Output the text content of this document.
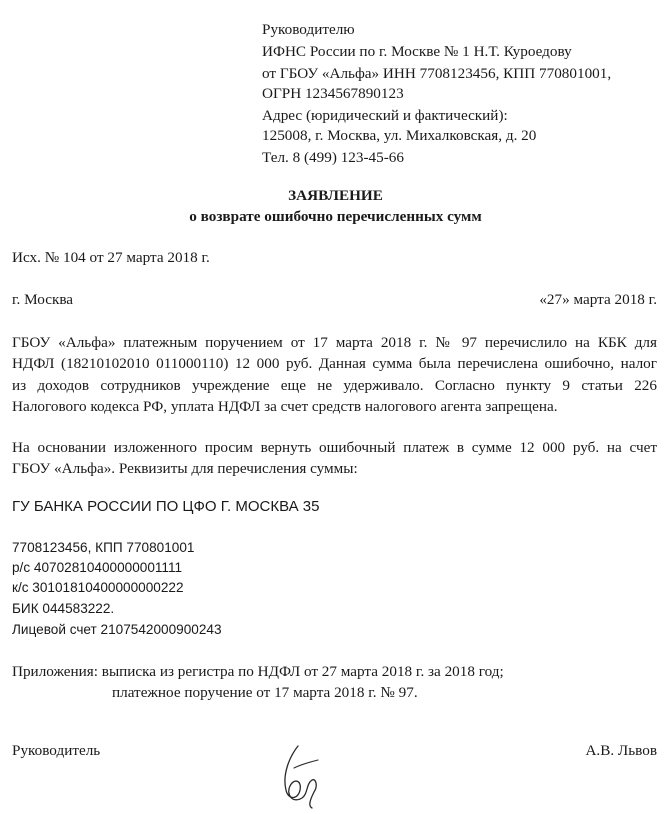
Руководителю
ИФНС России по г. Москве № 1 Н.Т. Куроедову
от ГБОУ «Альфа» ИНН 7708123456, КПП 770801001,
ОГРН 1234567890123
Адрес (юридический и фактический):
125008, г. Москва, ул. Михалковская, д. 20
Тел. 8 (499) 123-45-66
ЗАЯВЛЕНИЕ
о возврате ошибочно перечисленных сумм
Исх. № 104 от 27 марта 2018 г.
г. Москва	«27» марта 2018 г.
ГБОУ «Альфа» платежным поручением от 17 марта 2018 г. № 97 перечислило на КБК для
НДФЛ (18210102010 011000110) 12 000 руб. Данная сумма была перечислена ошибочно, налог
из доходов сотрудников учреждение еще не удерживало. Согласно пункту 9 статьи 226
Налогового кодекса РФ, уплата НДФЛ за счет средств налогового агента запрещена.
На основании изложенного просим вернуть ошибочный платеж в сумме 12 000 руб. на счет
ГБОУ «Альфа». Реквизиты для перечисления суммы:
ГУ БАНКА РОССИИ ПО ЦФО Г. МОСКВА 35
7708123456, КПП 770801001
р/с 40702810400000001111
к/с 30101810400000000222
БИК 044583222.
Лицевой счет 2107542000900243
Приложения: выписка из регистра по НДФЛ от 27 марта 2018 г. за 2018 год;
платежное поручение от 17 марта 2018 г. № 97.
Руководитель	А.В. Львов
